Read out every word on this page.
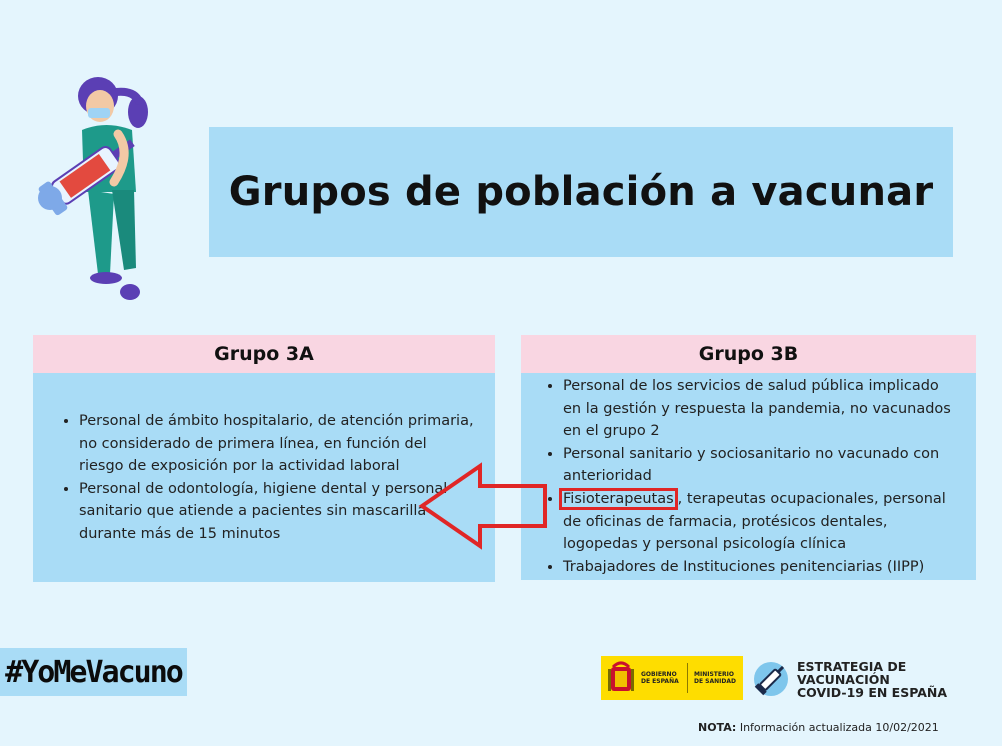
Grupos de población a vacunar
Grupo 3A
• Personal de ámbito hospitalario, de atención primaria, no considerado de primera línea, en función del riesgo de exposición por la actividad laboral
• Personal de odontología, higiene dental y personal sanitario que atiende a pacientes sin mascarilla durante más de 15 minutos
Grupo 3B
• Personal de los servicios de salud pública implicado en la gestión y respuesta la pandemia, no vacunados en el grupo 2
• Personal sanitario y sociosanitario no vacunado con anterioridad
• Fisioterapeutas , terapeutas ocupacionales, personal de oficinas de farmacia, protésicos dentales, logopedas y personal psicología clínica
• Trabajadores de Instituciones penitenciarias (IIPP)
#YoMeVacuno	GOBIERNO DE ESPAÑA
MINISTERIO DE SANIDAD
ESTRATEGIA DE
VACUNACIÓN
COVID-19 EN ESPAÑA
NOTA: Información actualizada 10/02/2021
